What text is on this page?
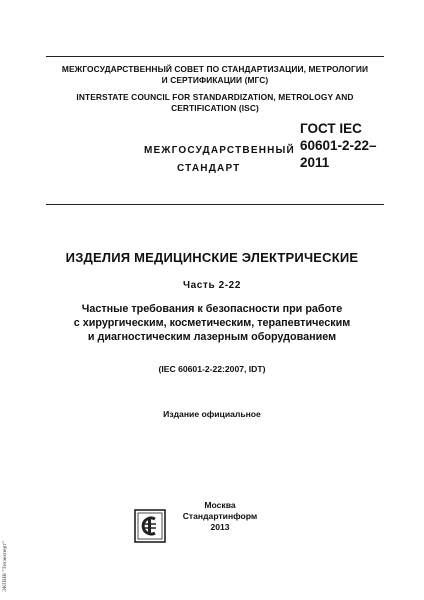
МЕЖГОСУДАРСТВЕННЫЙ СОВЕТ ПО СТАНДАРТИЗАЦИИ, МЕТРОЛОГИИ И СЕРТИФИКАЦИИ (МГС)
INTERSTATE COUNCIL FOR STANDARDIZATION, METROLOGY AND CERTIFICATION (ISC)
МЕЖГОСУДАРСТВЕННЫЙ
СТАНДАРТ
ГОСТ IEC
60601-2-22–
2011
ИЗДЕЛИЯ МЕДИЦИНСКИЕ ЭЛЕКТРИЧЕСКИЕ
Часть 2-22
Частные требования к безопасности при работе
с хирургическим, косметическим, терапевтическим
и диагностическим лазерным оборудованием
(IEC 60601-2-22:2007, IDT)
Издание официальное
Москва
Стандартинформ
2013
ЭКПНВ "Техэксперт"
